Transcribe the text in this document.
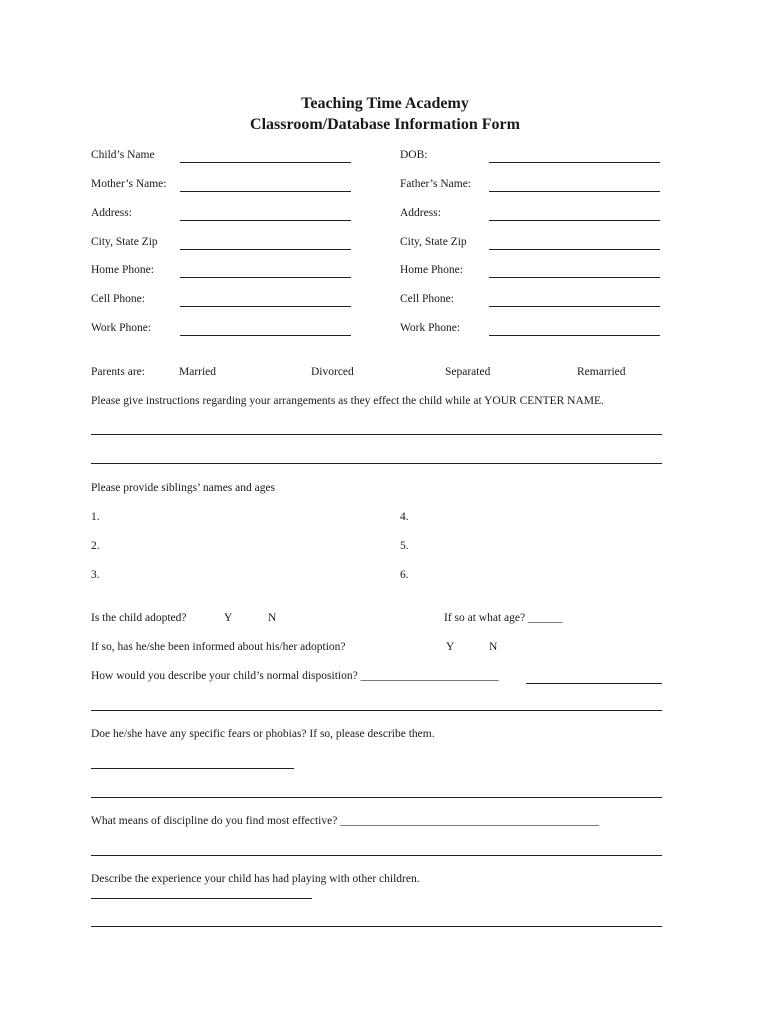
Teaching Time Academy
Classroom/Database Information Form
Child’s Name	DOB:
Mother’s Name:	Father’s Name:
Address:	Address:
City, State Zip	City, State Zip
Home Phone:	Home Phone:
Cell Phone:	Cell Phone:
Work Phone:	Work Phone:
Parents are:	Married	Divorced	Separated	Remarried
Please give instructions regarding your arrangements as they effect the child while at YOUR CENTER NAME.
Please provide siblings’ names and ages
1.	4.
2.	5.
3.	6.
Is the child adopted?	Y	N	If so at what age? ______
If so, has he/she been informed about his/her adoption?	Y	N
How would you describe your child’s normal disposition? ________________________
Doe he/she have any specific fears or phobias? If so, please describe them.
What means of discipline do you find most effective? _____________________________________________
Describe the experience your child has had playing with other children.
